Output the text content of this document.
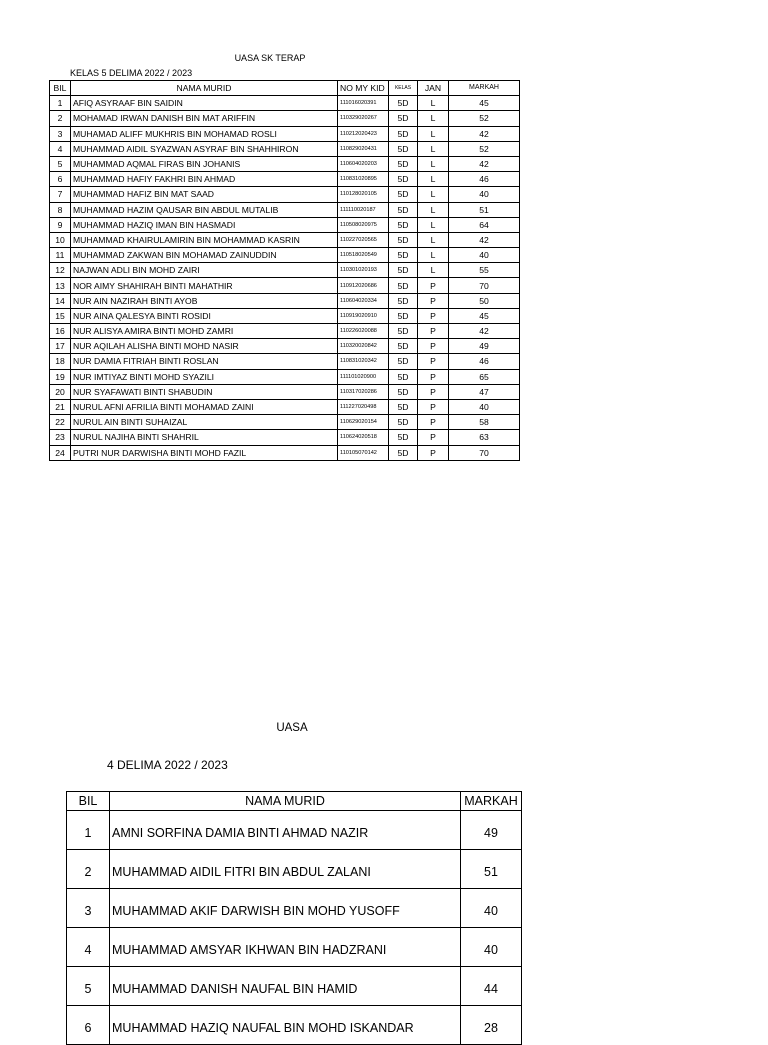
UASA SK TERAP
KELAS 5 DELIMA 2022 / 2023
BIL	NAMA MURID	NO MY KID	KELAS	JAN	MARKAH
1	AFIQ ASYRAAF BIN SAIDIN	111016020391	5D	L	45
2	MOHAMAD IRWAN DANISH BIN MAT ARIFFIN	110329020267	5D	L	52
3	MUHAMAD ALIFF MUKHRIS BIN MOHAMAD ROSLI	110212020423	5D	L	42
4	MUHAMMAD AIDIL SYAZWAN ASYRAF BIN SHAHHIRON	110829020431	5D	L	52
5	MUHAMMAD AQMAL FIRAS BIN JOHANIS	110604020203	5D	L	42
6	MUHAMMAD HAFIY FAKHRI BIN AHMAD	110831020895	5D	L	46
7	MUHAMMAD HAFIZ BIN MAT SAAD	110128020105	5D	L	40
8	MUHAMMAD HAZIM QAUSAR BIN ABDUL MUTALIB	111110020187	5D	L	51
9	MUHAMMAD HAZIQ IMAN BIN HASMADI	110508020975	5D	L	64
10	MUHAMMAD KHAIRULAMIRIN BIN MOHAMMAD KASRIN	110227020565	5D	L	42
11	MUHAMMAD ZAKWAN BIN MOHAMAD ZAINUDDIN	110518020549	5D	L	40
12	NAJWAN ADLI BIN MOHD ZAIRI	110301020193	5D	L	55
13	NOR AIMY SHAHIRAH BINTI MAHATHIR	110912020686	5D	P	70
14	NUR AIN NAZIRAH BINTI AYOB	110604020334	5D	P	50
15	NUR AINA QALESYA BINTI ROSIDI	110919020910	5D	P	45
16	NUR ALISYA AMIRA BINTI MOHD ZAMRI	110226020088	5D	P	42
17	NUR AQILAH ALISHA BINTI MOHD NASIR	110320020842	5D	P	49
18	NUR DAMIA FITRIAH BINTI ROSLAN	110831020342	5D	P	46
19	NUR IMTIYAZ BINTI MOHD SYAZILI	111101020900	5D	P	65
20	NUR SYAFAWATI BINTI SHABUDIN	110317020286	5D	P	47
21	NURUL AFNI AFRILIA BINTI MOHAMAD ZAINI	111227020498	5D	P	40
22	NURUL AIN BINTI SUHAIZAL	110629020154	5D	P	58
23	NURUL NAJIHA BINTI SHAHRIL	110624020518	5D	P	63
24	PUTRI NUR DARWISHA BINTI MOHD FAZIL	110105070142	5D	P	70
UASA
4 DELIMA 2022 / 2023
BIL	NAMA MURID	MARKAH
1	AMNI SORFINA DAMIA BINTI AHMAD NAZIR	49
2	MUHAMMAD AIDIL FITRI BIN ABDUL ZALANI	51
3	MUHAMMAD AKIF DARWISH BIN MOHD YUSOFF	40
4	MUHAMMAD AMSYAR IKHWAN BIN HADZRANI	40
5	MUHAMMAD DANISH NAUFAL BIN HAMID	44
6	MUHAMMAD HAZIQ NAUFAL BIN MOHD ISKANDAR	28
